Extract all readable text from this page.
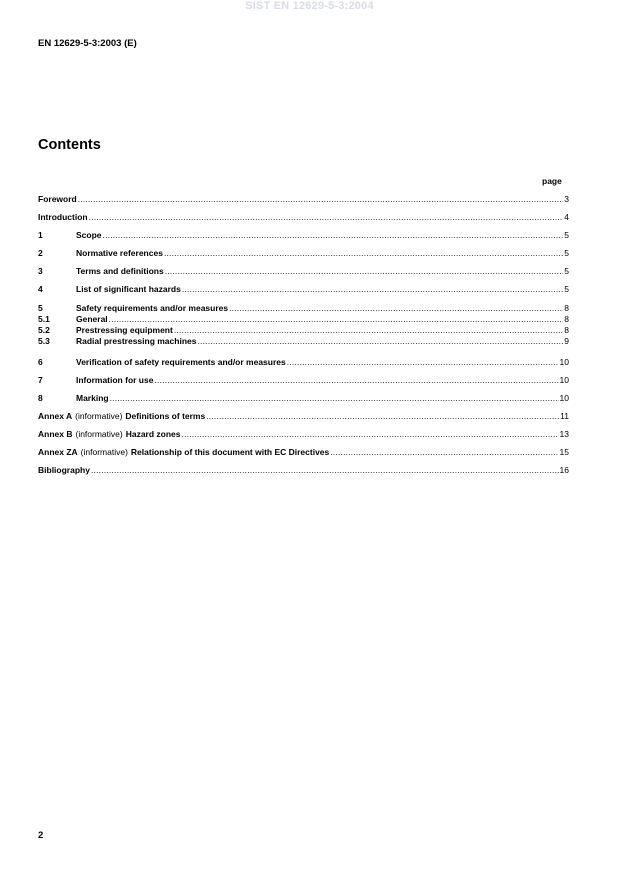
SIST EN 12629-5-3:2004
EN 12629-5-3:2003 (E)
Contents
page
Foreword .....	3
Introduction .....	4
1	Scope .....	5
2	Normative references .....	5
3	Terms and definitions .....	5
4	List of significant hazards .....	5
5	Safety requirements and/or measures .....	8
5.1	General .....	8
5.2	Prestressing equipment .....	8
5.3	Radial prestressing machines .....	9
6	Verification of safety requirements and/or measures .....	10
7	Information for use .....	10
8	Marking .....	10
Annex A (informative) Definitions of terms .....	11
Annex B (informative) Hazard zones .....	13
Annex ZA (informative) Relationship of this document with EC Directives .....	15
Bibliography .....	16
2
